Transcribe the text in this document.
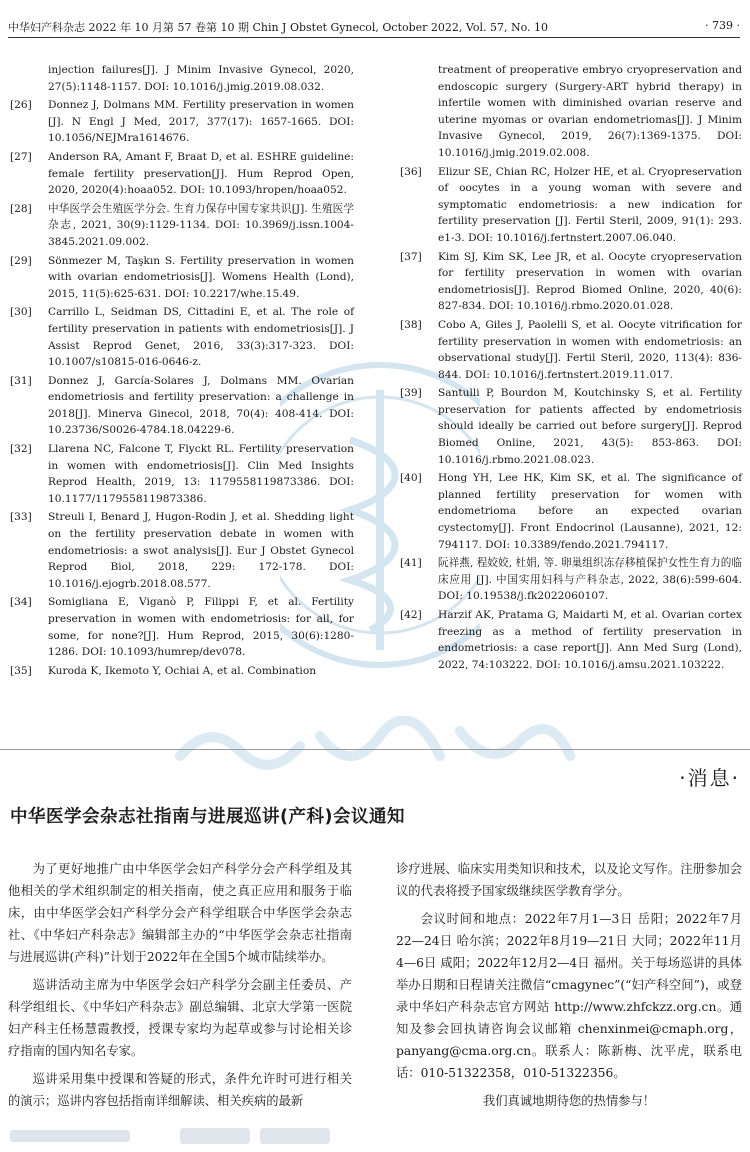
中华妇产科杂志 2022 年 10 月第 57 卷第 10 期 Chin J Obstet Gynecol, October 2022, Vol. 57, No. 10	· 739 ·
injection failures[J]. J Minim Invasive Gynecol, 2020, 27(5):1148-1157. DOI: 10.1016/j.jmig.2019.08.032.
[26] Donnez J, Dolmans MM. Fertility preservation in women [J]. N Engl J Med, 2017, 377(17): 1657-1665. DOI: 10.1056/NEJMra1614676.
[27] Anderson RA, Amant F, Braat D, et al. ESHRE guideline: female fertility preservation[J]. Hum Reprod Open, 2020, 2020(4):hoaa052. DOI: 10.1093/hropen/hoaa052.
[28] 中华医学会生殖医学分会. 生育力保存中国专家共识[J]. 生殖医学杂志, 2021, 30(9):1129-1134. DOI: 10.3969/j.issn.1004-3845.2021.09.002.
[29] Sönmezer M, Taşkın S. Fertility preservation in women with ovarian endometriosis[J]. Womens Health (Lond), 2015, 11(5):625-631. DOI: 10.2217/whe.15.49.
[30] Carrillo L, Seidman DS, Cittadini E, et al. The role of fertility preservation in patients with endometriosis[J]. J Assist Reprod Genet, 2016, 33(3):317-323. DOI: 10.1007/s10815-016-0646-z.
[31] Donnez J, García-Solares J, Dolmans MM. Ovarian endometriosis and fertility preservation: a challenge in 2018[J]. Minerva Ginecol, 2018, 70(4): 408-414. DOI: 10.23736/S0026-4784.18.04229-6.
[32] Llarena NC, Falcone T, Flyckt RL. Fertility preservation in women with endometriosis[J]. Clin Med Insights Reprod Health, 2019, 13: 1179558119873386. DOI: 10.1177/1179558119873386.
[33] Streuli I, Benard J, Hugon-Rodin J, et al. Shedding light on the fertility preservation debate in women with endometriosis: a swot analysis[J]. Eur J Obstet Gynecol Reprod Biol, 2018, 229: 172-178. DOI: 10.1016/j.ejogrb.2018.08.577.
[34] Somigliana E, Viganò P, Filippi F, et al. Fertility preservation in women with endometriosis: for all, for some, for none?[J]. Hum Reprod, 2015, 30(6):1280-1286. DOI: 10.1093/humrep/dev078.
[35] Kuroda K, Ikemoto Y, Ochiai A, et al. Combination
treatment of preoperative embryo cryopreservation and endoscopic surgery (Surgery-ART hybrid therapy) in infertile women with diminished ovarian reserve and uterine myomas or ovarian endometriomas[J]. J Minim Invasive Gynecol, 2019, 26(7):1369-1375. DOI: 10.1016/j.jmig.2019.02.008.
[36] Elizur SE, Chian RC, Holzer HE, et al. Cryopreservation of oocytes in a young woman with severe and symptomatic endometriosis: a new indication for fertility preservation [J]. Fertil Steril, 2009, 91(1): 293. e1-3. DOI: 10.1016/j.fertnstert.2007.06.040.
[37] Kim SJ, Kim SK, Lee JR, et al. Oocyte cryopreservation for fertility preservation in women with ovarian endometriosis[J]. Reprod Biomed Online, 2020, 40(6): 827-834. DOI: 10.1016/j.rbmo.2020.01.028.
[38] Cobo A, Giles J, Paolelli S, et al. Oocyte vitrification for fertility preservation in women with endometriosis: an observational study[J]. Fertil Steril, 2020, 113(4): 836-844. DOI: 10.1016/j.fertnstert.2019.11.017.
[39] Santulli P, Bourdon M, Koutchinsky S, et al. Fertility preservation for patients affected by endometriosis should ideally be carried out before surgery[J]. Reprod Biomed Online, 2021, 43(5): 853-863. DOI: 10.1016/j.rbmo.2021.08.023.
[40] Hong YH, Lee HK, Kim SK, et al. The significance of planned fertility preservation for women with endometrioma before an expected ovarian cystectomy[J]. Front Endocrinol (Lausanne), 2021, 12: 794117. DOI: 10.3389/fendo.2021.794117.
[41] 阮祥燕, 程姣姣, 杜娟, 等. 卵巢组织冻存移植保护女性生育力的临床应用 [J]. 中国实用妇科与产科杂志, 2022, 38(6):599-604. DOI: 10.19538/j.fk2022060107.
[42] Harzif AK, Pratama G, Maidarti M, et al. Ovarian cortex freezing as a method of fertility preservation in endometriosis: a case report[J]. Ann Med Surg (Lond), 2022, 74:103222. DOI: 10.1016/j.amsu.2021.103222.
·消息·
中华医学会杂志社指南与进展巡讲(产科)会议通知

为了更好地推广由中华医学会妇产科学分会产科学组及其他相关的学术组织制定的相关指南，使之真正应用和服务于临床，由中华医学会妇产科学分会产科学组联合中华医学会杂志社、《中华妇产科杂志》编辑部主办的“中华医学会杂志社指南与进展巡讲(产科)”计划于2022年在全国5个城市陆续举办。

巡讲活动主席为中华医学会妇产科学分会副主任委员、产科学组组长、《中华妇产科杂志》副总编辑、北京大学第一医院妇产科主任杨慧霞教授，授课专家均为起草或参与讨论相关诊疗指南的国内知名专家。

巡讲采用集中授课和答疑的形式，条件允许时可进行相关的演示；巡讲内容包括指南详细解读、相关疾病的最新

诊疗进展、临床实用类知识和技术，以及论文写作。注册参加会议的代表将授予国家级继续医学教育学分。

会议时间和地点：2022年7月1—3日 岳阳；2022年7月22—24日 哈尔滨；2022年8月19—21日 大同；2022年11月4—6日 咸阳；2022年12月2—4日 福州。关于每场巡讲的具体举办日期和日程请关注微信“cmagynec”(“妇产科空间”)，或登录中华妇产科杂志官方网站 http://www.zhfckzz.org.cn。通知及参会回执请咨询会议邮箱 chenxinmei@cmaph.org，panyang@cma.org.cn。联系人：陈新梅、沈平虎，联系电话：010-51322358，010-51322356。

我们真诚地期待您的热情参与！
